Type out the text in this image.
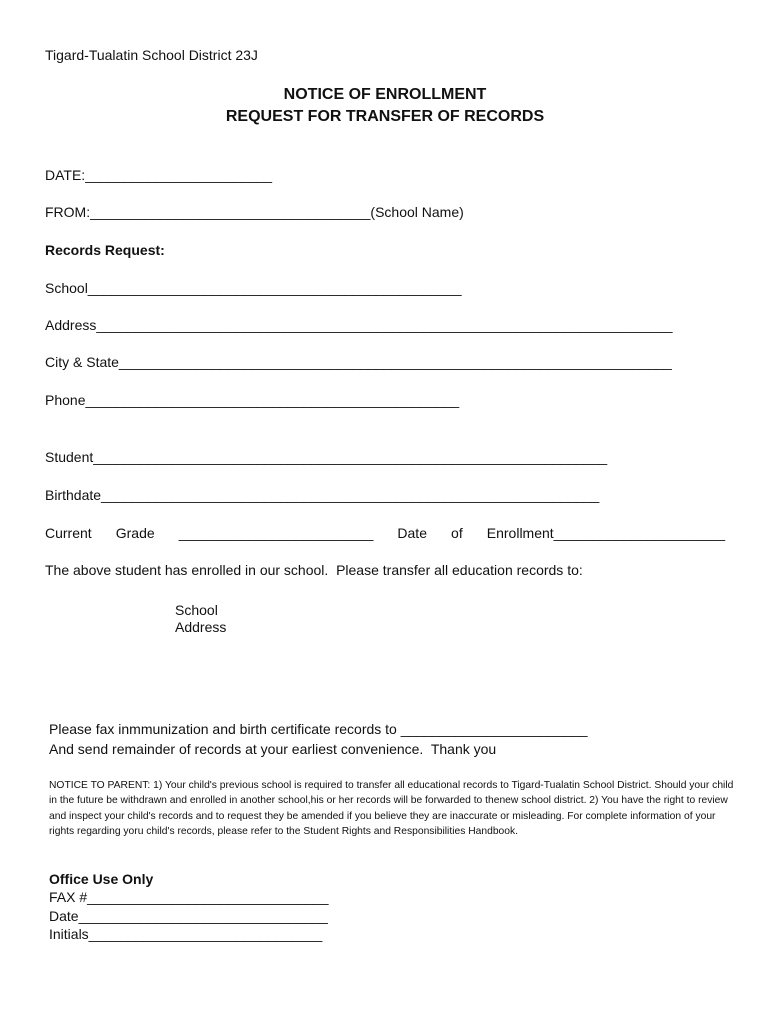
Tigard-Tualatin School District 23J
NOTICE OF ENROLLMENT
REQUEST FOR TRANSFER OF RECORDS
DATE:________________________
FROM:____________________________________(School Name)
Records Request:
School________________________________________________
Address__________________________________________________________________________
City & State_______________________________________________________________________
Phone________________________________________________
Student__________________________________________________________________
Birthdate________________________________________________________________
Current Grade _________________________ Date of Enrollment______________________
The above student has enrolled in our school.  Please transfer all education records to:
School
Address
Please fax inmmunization and birth certificate records to ________________________
And send remainder of records at your earliest convenience.  Thank you
NOTICE TO PARENT: 1) Your child's previous school is required to transfer all educational records to Tigard-Tualatin School District. Should your child in the future be withdrawn and enrolled in another school,his or her records will be forwarded to thenew school district. 2) You have the right to review and inspect your child's records and to request they be amended if you believe they are inaccurate or misleading. For complete information of your rights regarding yoru child's records, please refer to the Student Rights and Responsibilities Handbook.
Office Use Only
FAX #_______________________________
Date________________________________
Initials______________________________
